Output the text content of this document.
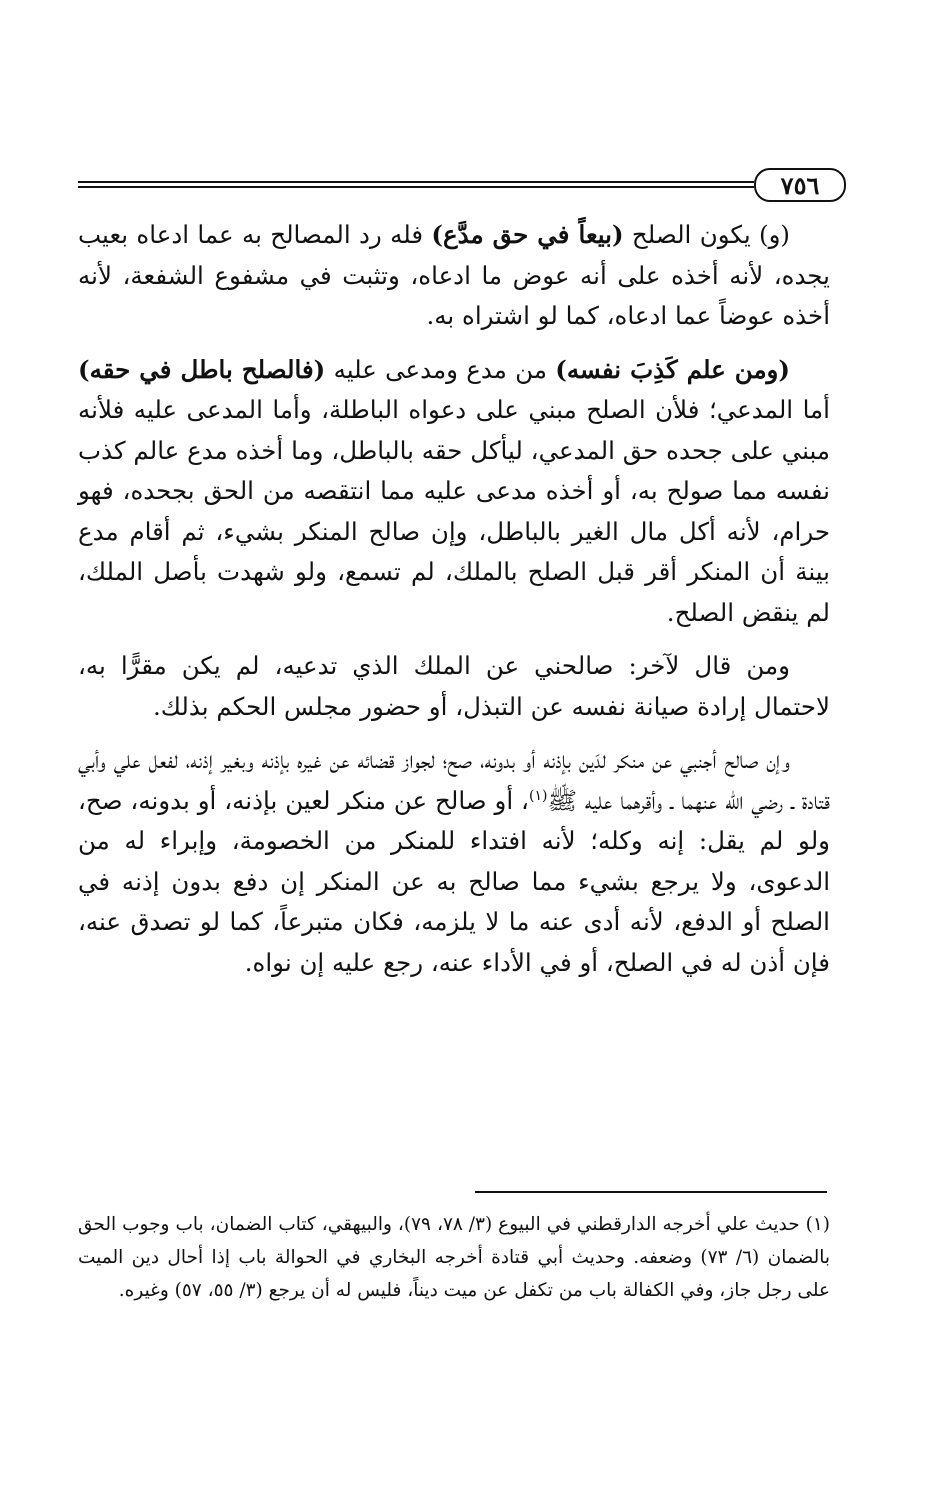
٧٥٦

(و) يكون الصلح (بيعاً في حق مدَّع) فله رد المصالح به عما ادعاه بعيب يجده، لأنه أخذه على أنه عوض ما ادعاه، وتثبت في مشفوع الشفعة، لأنه أخذه عوضاً عما ادعاه، كما لو اشتراه به.

(ومن علم كَذِبَ نفسه) من مدع ومدعى عليه (فالصلح باطل في حقه) أما المدعي؛ فلأن الصلح مبني على دعواه الباطلة، وأما المدعى عليه فلأنه مبني على جحده حق المدعي، ليأكل حقه بالباطل، وما أخذه مدع عالم كذب نفسه مما صولح به، أو أخذه مدعى عليه مما انتقصه من الحق بجحده، فهو حرام، لأنه أكل مال الغير بالباطل، وإن صالح المنكر بشيء، ثم أقام مدع بينة أن المنكر أقر قبل الصلح بالملك، لم تسمع، ولو شهدت بأصل الملك، لم ينقض الصلح.

ومن قال لآخر: صالحني عن الملك الذي تدعيه، لم يكن مقرًّا به، لاحتمال إرادة صيانة نفسه عن التبذل، أو حضور مجلس الحكم بذلك.

وإن صالح أجنبي عن منكر لدَين بإذنه أو بدونه، صح؛ لجواز قضائه عن غيره بإذنه وبغير إذنه، لفعل علي وأبي قتادة ـ رضي الله عنهما ـ وأقرهما عليه ﷺ$^{(١)}$، أو صالح عن منكر لعين بإذنه، أو بدونه، صح، ولو لم يقل: إنه وكله؛ لأنه افتداء للمنكر من الخصومة، وإبراء له من الدعوى، ولا يرجع بشيء مما صالح به عن المنكر إن دفع بدون إذنه في الصلح أو الدفع، لأنه أدى عنه ما لا يلزمه، فكان متبرعاً، كما لو تصدق عنه، فإن أذن له في الصلح، أو في الأداء عنه، رجع عليه إن نواه.

(١) حديث علي أخرجه الدارقطني في البيوع (٣/ ٧٨، ٧٩)، والبيهقي، كتاب الضمان، باب وجوب الحق بالضمان (٦/ ٧٣) وضعفه. وحديث أبي قتادة أخرجه البخاري في الحوالة باب إذا أحال دين الميت على رجل جاز، وفي الكفالة باب من تكفل عن ميت ديناً، فليس له أن يرجع (٣/ ٥٥، ٥٧) وغيره.
